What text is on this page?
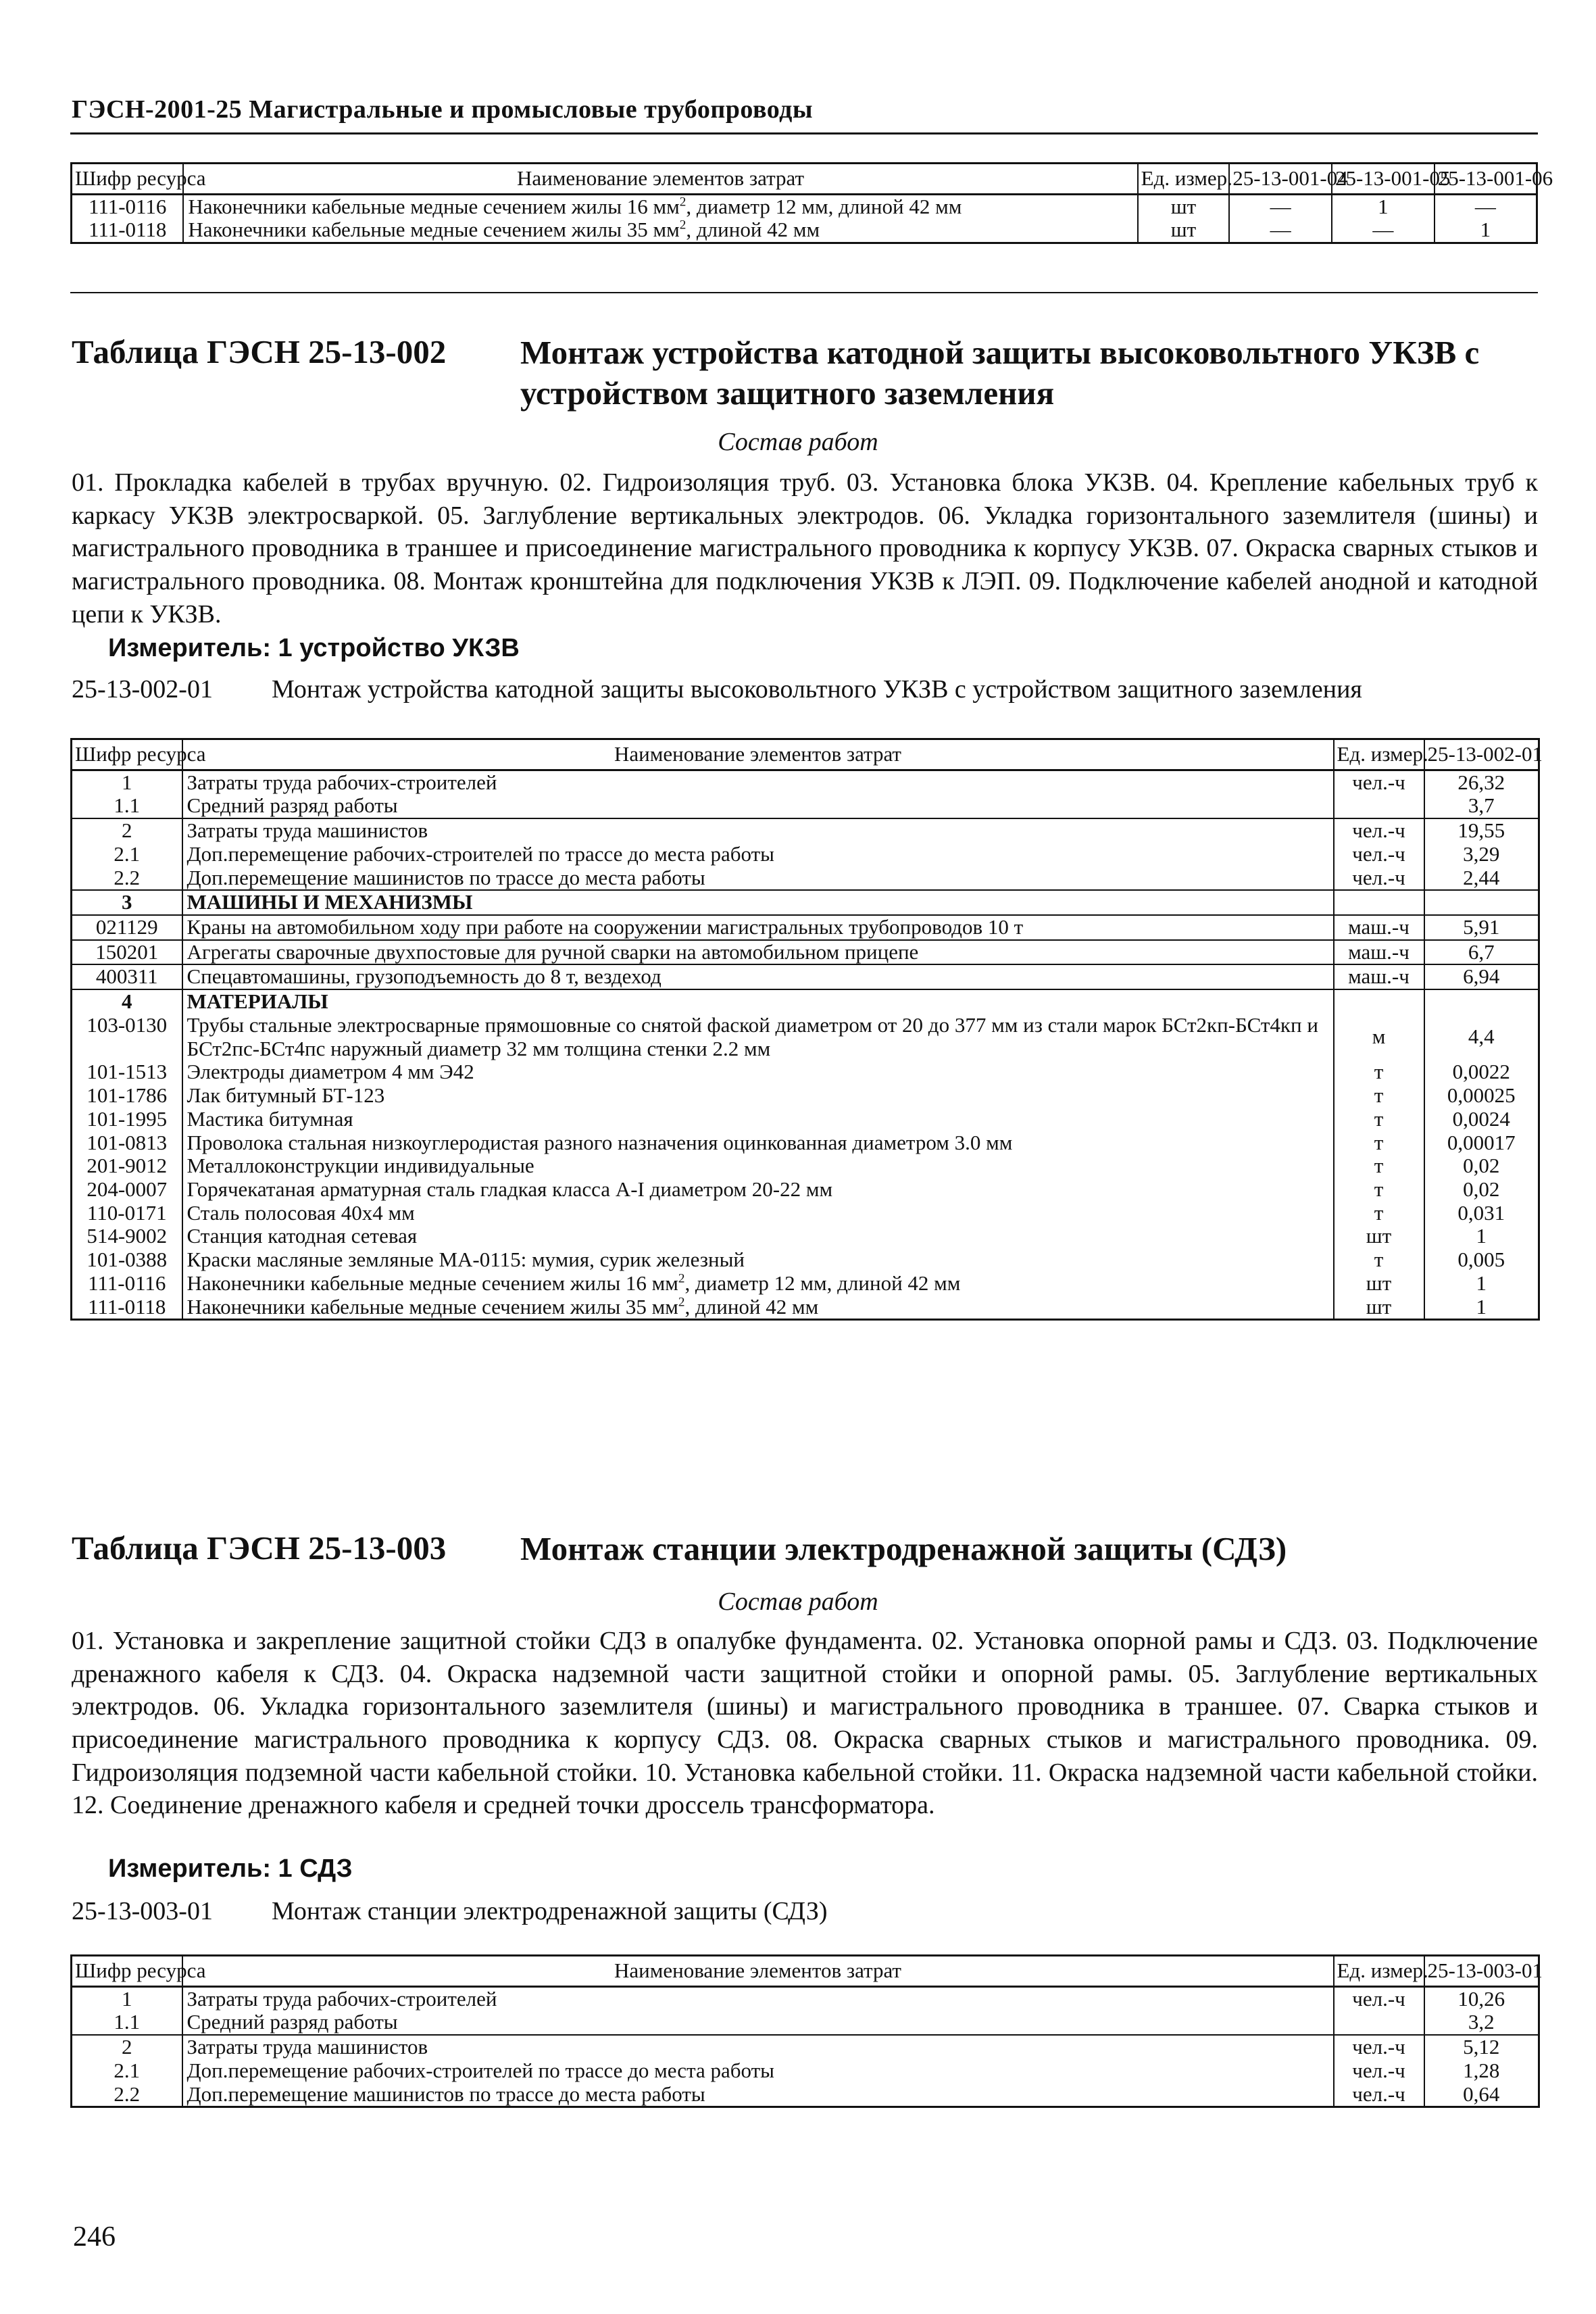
ГЭСН-2001-25 Магистральные и промысловые трубопроводы
Шифр ресурса	Наименование элементов затрат	Ед. измер.	25-13-001-04	25-13-001-05	25-13-001-06
111-0116	Наконечники кабельные медные сечением жилы 16 $мм^2$, диаметр 12 мм, длиной 42 мм	шт	—	1	—
111-0118	Наконечники кабельные медные сечением жилы 35 $мм^2$, длиной 42 мм	шт	—	—	1
Таблица ГЭСН 25-13-002 Монтаж устройства катодной защиты высоковольтного УКЗВ с устройством защитного заземления
Состав работ
01. Прокладка кабелей в трубах вручную. 02. Гидроизоляция труб. 03. Установка блока УКЗВ. 04. Крепление кабельных труб к каркасу УКЗВ электросваркой. 05. Заглубление вертикальных электродов. 06. Укладка горизонтального заземлителя (шины) и магистрального проводника в траншее и присоединение магистрального проводника к корпусу УКЗВ. 07. Окраска сварных стыков и магистрального проводника. 08. Монтаж кронштейна для подключения УКЗВ к ЛЭП. 09. Подключение кабелей анодной и катодной цепи к УКЗВ.
Измеритель: 1 устройство УКЗВ
25-13-002-01 Монтаж устройства катодной защиты высоковольтного УКЗВ с устройством защитного заземления
Шифр ресурса	Наименование элементов затрат	Ед. измер.	25-13-002-01
1	Затраты труда рабочих-строителей	чел.-ч	26,32
1.1	Средний разряд работы		3,7
2	Затраты труда машинистов	чел.-ч	19,55
2.1	Доп.перемещение рабочих-строителей по трассе до места работы	чел.-ч	3,29
2.2	Доп.перемещение машинистов по трассе до места работы	чел.-ч	2,44
3	МАШИНЫ И МЕХАНИЗМЫ		
021129	Краны на автомобильном ходу при работе на сооружении магистральных трубопроводов 10 т	маш.-ч	5,91
150201	Агрегаты сварочные двухпостовые для ручной сварки на автомобильном прицепе	маш.-ч	6,7
400311	Спецавтомашины, грузоподъемность до 8 т, вездеход	маш.-ч	6,94
4	МАТЕРИАЛЫ		
103-0130	Трубы стальные электросварные прямошовные со снятой фаской диаметром от 20 до 377 мм из стали марок БСт2кп-БСт4кп и БСт2пс-БСт4пс наружный диаметр 32 мм толщина стенки 2.2 мм	м	4,4
101-1513	Электроды диаметром 4 мм Э42	т	0,0022
101-1786	Лак битумный БТ-123	т	0,00025
101-1995	Мастика битумная	т	0,0024
101-0813	Проволока стальная низкоуглеродистая разного назначения оцинкованная диаметром 3.0 мм	т	0,00017
201-9012	Металлоконструкции индивидуальные	т	0,02
204-0007	Горячекатаная арматурная сталь гладкая класса А-I диаметром 20-22 мм	т	0,02
110-0171	Сталь полосовая 40x4 мм	т	0,031
514-9002	Станция катодная сетевая	шт	1
101-0388	Краски масляные земляные МА-0115: мумия, сурик железный	т	0,005
111-0116	Наконечники кабельные медные сечением жилы 16 $мм^2$, диаметр 12 мм, длиной 42 мм	шт	1
111-0118	Наконечники кабельные медные сечением жилы 35 $мм^2$, длиной 42 мм	шт	1
Таблица ГЭСН 25-13-003 Монтаж станции электродренажной защиты (СДЗ)
Состав работ
01. Установка и закрепление защитной стойки СДЗ в опалубке фундамента. 02. Установка опорной рамы и СДЗ. 03. Подключение дренажного кабеля к СДЗ. 04. Окраска надземной части защитной стойки и опорной рамы. 05. Заглубление вертикальных электродов. 06. Укладка горизонтального заземлителя (шины) и магистрального проводника в траншее. 07. Сварка стыков и присоединение магистрального проводника к корпусу СДЗ. 08. Окраска сварных стыков и магистрального проводника. 09. Гидроизоляция подземной части кабельной стойки. 10. Установка кабельной стойки. 11. Окраска надземной части кабельной стойки. 12. Соединение дренажного кабеля и средней точки дроссель трансформатора.
Измеритель: 1 СДЗ
25-13-003-01 Монтаж станции электродренажной защиты (СДЗ)
Шифр ресурса	Наименование элементов затрат	Ед. измер.	25-13-003-01
1	Затраты труда рабочих-строителей	чел.-ч	10,26
1.1	Средний разряд работы		3,2
2	Затраты труда машинистов	чел.-ч	5,12
2.1	Доп.перемещение рабочих-строителей по трассе до места работы	чел.-ч	1,28
2.2	Доп.перемещение машинистов по трассе до места работы	чел.-ч	0,64
246
